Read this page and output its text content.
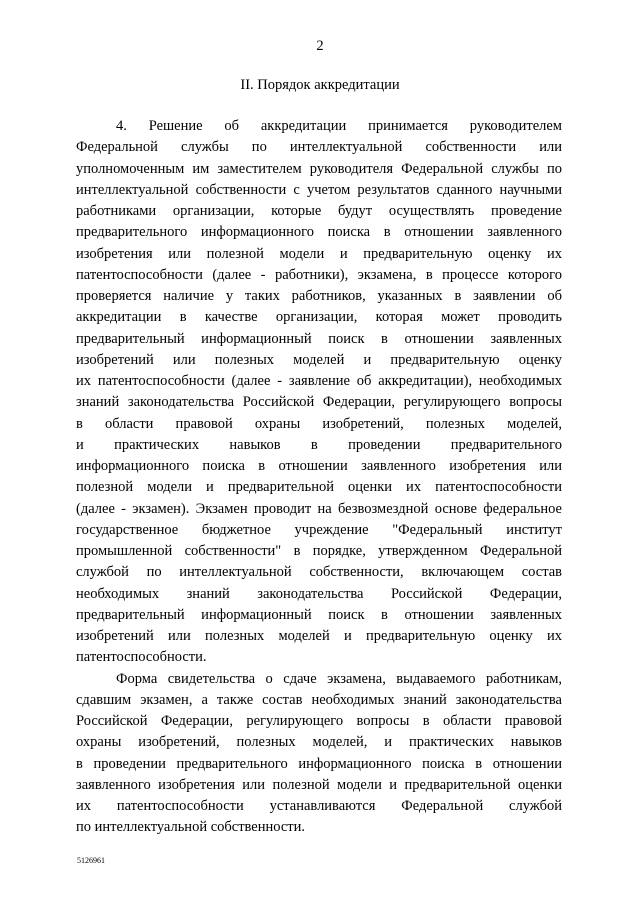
2
II. Порядок аккредитации
4. Решение об аккредитации принимается руководителем
Федеральной службы по интеллектуальной собственности или
уполномоченным им заместителем руководителя Федеральной службы по
интеллектуальной собственности с учетом результатов сданного научными
работниками организации, которые будут осуществлять проведение
предварительного информационного поиска в отношении заявленного
изобретения или полезной модели и предварительную оценку их
патентоспособности (далее - работники), экзамена, в процессе которого
проверяется наличие у таких работников, указанных в заявлении об
аккредитации в качестве организации, которая может проводить
предварительный информационный поиск в отношении заявленных
изобретений или полезных моделей и предварительную оценку
их патентоспособности (далее - заявление об аккредитации), необходимых
знаний законодательства Российской Федерации, регулирующего вопросы
в области правовой охраны изобретений, полезных моделей,
и практических навыков в проведении предварительного
информационного поиска в отношении заявленного изобретения или
полезной модели и предварительной оценки их патентоспособности
(далее - экзамен). Экзамен проводит на безвозмездной основе федеральное
государственное бюджетное учреждение "Федеральный институт
промышленной собственности" в порядке, утвержденном Федеральной
службой по интеллектуальной собственности, включающем состав
необходимых знаний законодательства Российской Федерации,
предварительный информационный поиск в отношении заявленных
изобретений или полезных моделей и предварительную оценку их
патентоспособности.
Форма свидетельства о сдаче экзамена, выдаваемого работникам,
сдавшим экзамен, а также состав необходимых знаний законодательства
Российской Федерации, регулирующего вопросы в области правовой
охраны изобретений, полезных моделей, и практических навыков
в проведении предварительного информационного поиска в отношении
заявленного изобретения или полезной модели и предварительной оценки
их патентоспособности устанавливаются Федеральной службой
по интеллектуальной собственности.
5126961
